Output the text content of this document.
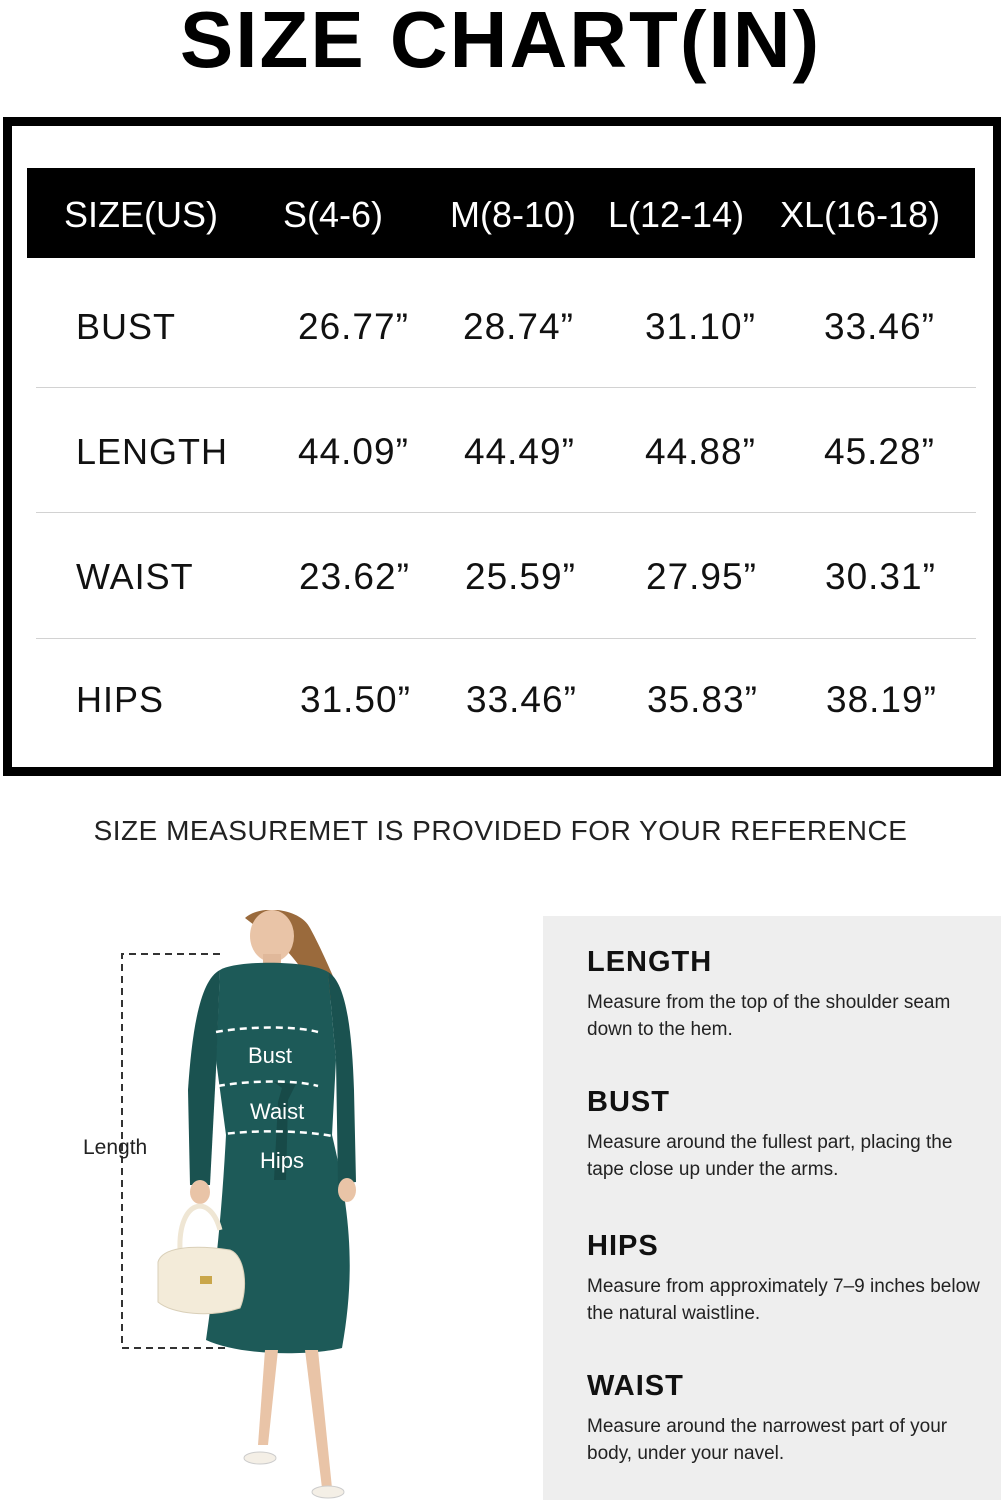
SIZE CHART(IN)
SIZE(US) S(4-6) M(8-10) L(12-14) XL(16-18)
BUST	26.77” 28.74” 31.10” 33.46”
LENGTH 44.09” 44.49” 44.88” 45.28”
WAIST	23.62” 25.59” 27.95” 30.31”
HIPS	31.50” 33.46” 35.83” 38.19”
SIZE MEASUREMET IS PROVIDED FOR YOUR REFERENCE
Length
Bust
Waist
Hips
LENGTH
Measure from the top of the shoulder seam down to the hem.
BUST
Measure around the fullest part, placing the tape close up under the arms.
HIPS
Measure from approximately 7–9 inches below the natural waistline.
WAIST
Measure around the narrowest part of your body, under your navel.
